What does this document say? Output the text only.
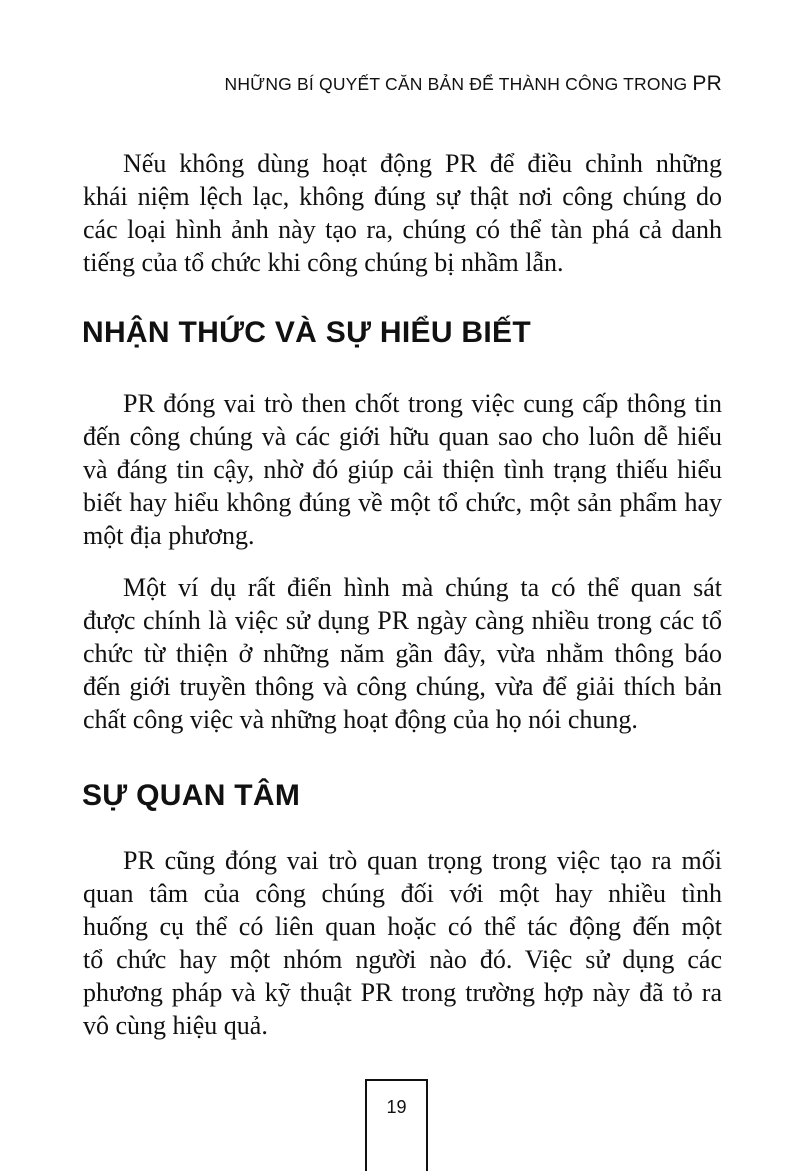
NHỮNG BÍ QUYẾT CĂN BẢN ĐỂ THÀNH CÔNG TRONG PR
Nếu không dùng hoạt động PR để điều chỉnh những
khái niệm lệch lạc, không đúng sự thật nơi công chúng do
các loại hình ảnh này tạo ra, chúng có thể tàn phá cả danh
tiếng của tổ chức khi công chúng bị nhầm lẫn.
NHẬN THỨC VÀ SỰ HIỂU BIẾT
PR đóng vai trò then chốt trong việc cung cấp thông tin
đến công chúng và các giới hữu quan sao cho luôn dễ hiểu
và đáng tin cậy, nhờ đó giúp cải thiện tình trạng thiếu hiểu
biết hay hiểu không đúng về một tổ chức, một sản phẩm hay
một địa phương.
Một ví dụ rất điển hình mà chúng ta có thể quan sát
được chính là việc sử dụng PR ngày càng nhiều trong các tổ
chức từ thiện ở những năm gần đây, vừa nhằm thông báo
đến giới truyền thông và công chúng, vừa để giải thích bản
chất công việc và những hoạt động của họ nói chung.
SỰ QUAN TÂM
PR cũng đóng vai trò quan trọng trong việc tạo ra mối
quan tâm của công chúng đối với một hay nhiều tình
huống cụ thể có liên quan hoặc có thể tác động đến một
tổ chức hay một nhóm người nào đó. Việc sử dụng các
phương pháp và kỹ thuật PR trong trường hợp này đã tỏ ra
vô cùng hiệu quả.
19
